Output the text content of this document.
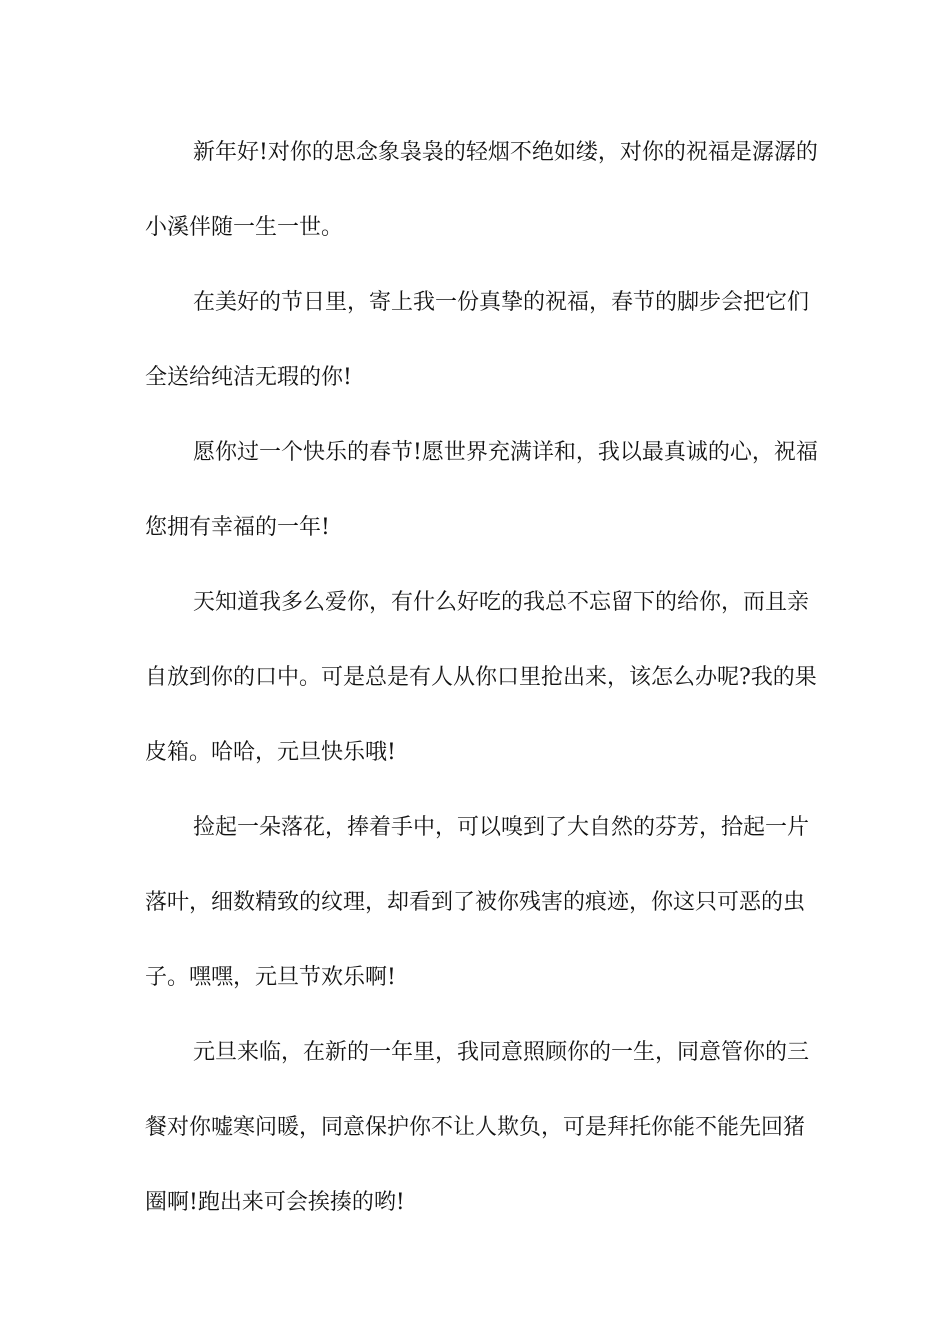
新年好!对你的思念象袅袅的轻烟不绝如缕，对你的祝福是潺潺的小溪伴随一生一世。

在美好的节日里，寄上我一份真挚的祝福，春节的脚步会把它们全送给纯洁无瑕的你!

愿你过一个快乐的春节!愿世界充满详和，我以最真诚的心，祝福您拥有幸福的一年!

天知道我多么爱你，有什么好吃的我总不忘留下的给你，而且亲自放到你的口中。可是总是有人从你口里抢出来，该怎么办呢?我的果皮箱。哈哈，元旦快乐哦!

捡起一朵落花，捧着手中，可以嗅到了大自然的芬芳，拾起一片落叶，细数精致的纹理，却看到了被你残害的痕迹，你这只可恶的虫子。嘿嘿，元旦节欢乐啊!

元旦来临，在新的一年里，我同意照顾你的一生，同意管你的三餐对你嘘寒问暖，同意保护你不让人欺负，可是拜托你能不能先回猪圈啊!跑出来可会挨揍的哟!
